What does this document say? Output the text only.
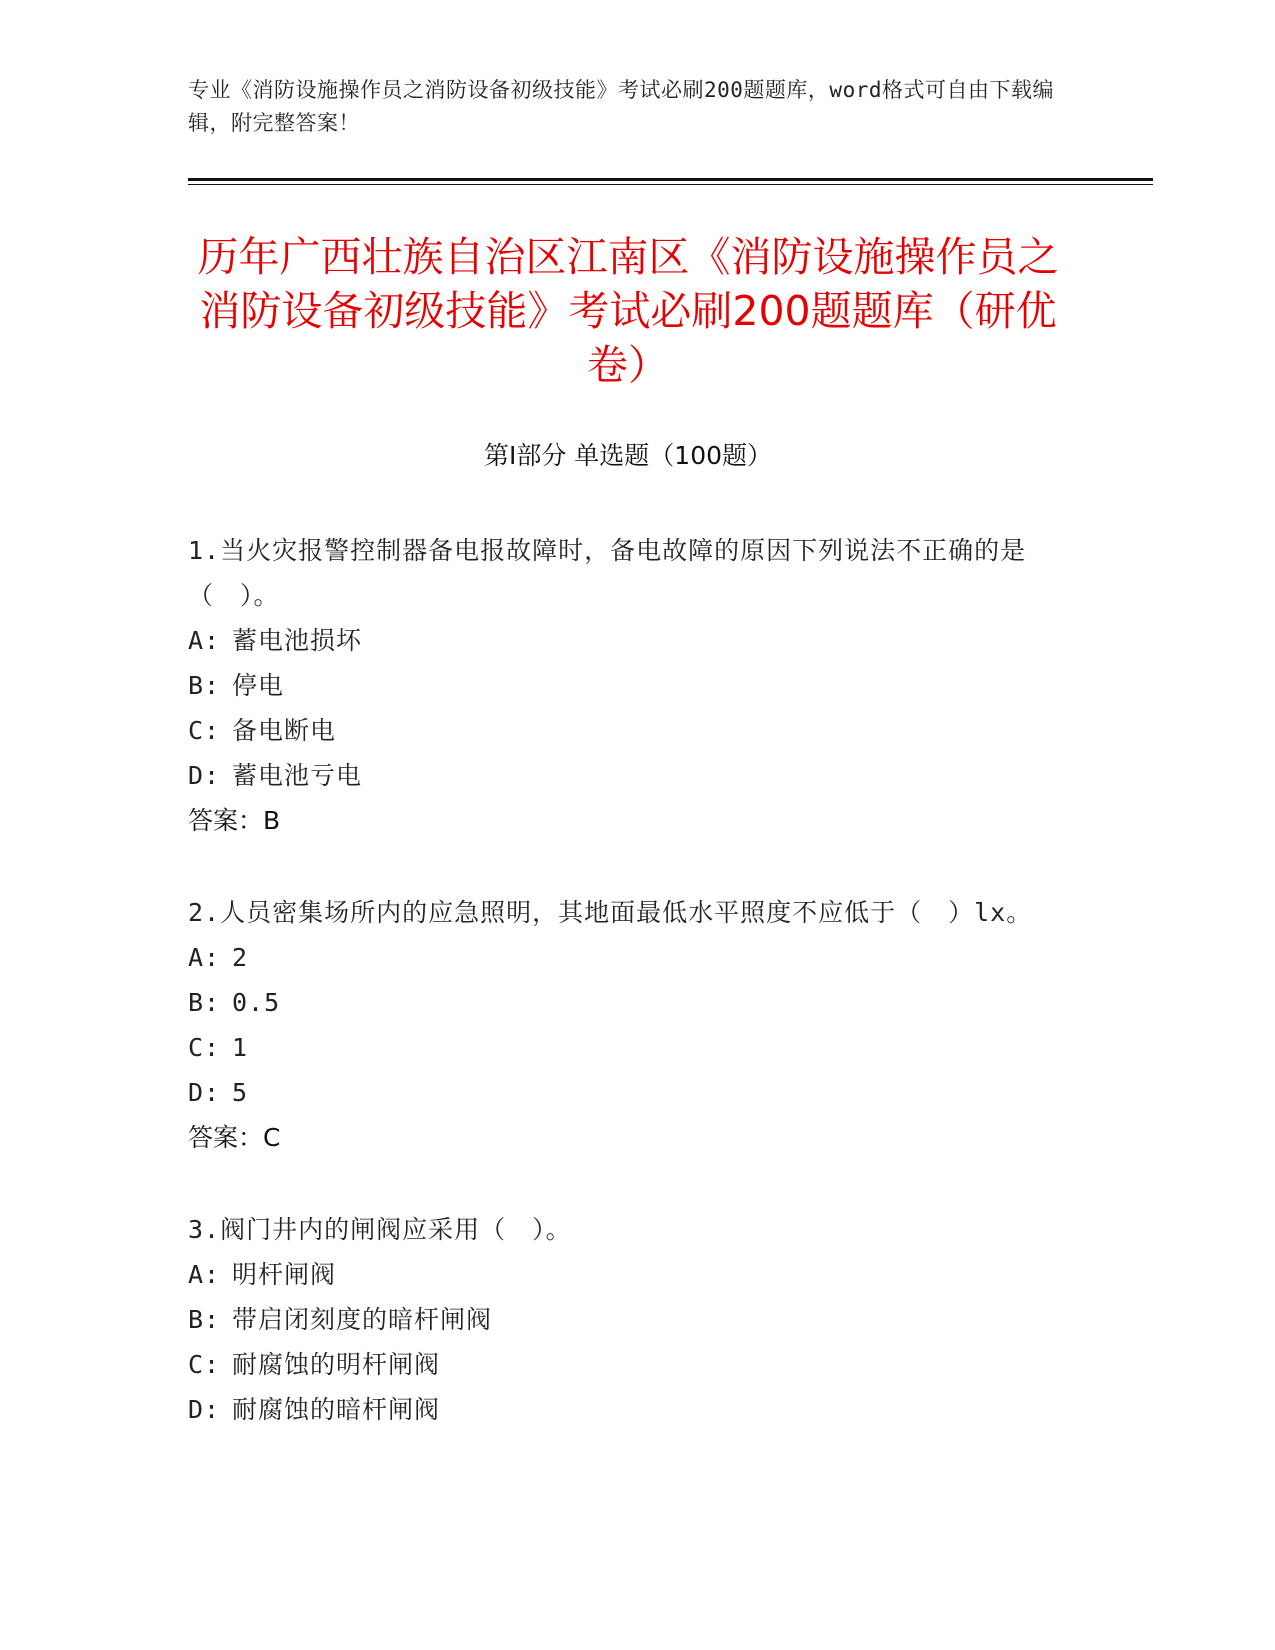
专业《消防设施操作员之消防设备初级技能》考试必刷200题题库，word格式可自由下载编辑，附完整答案！
历年广西壮族自治区江南区《消防设施操作员之消防设备初级技能》考试必刷200题题库（研优卷）
第I部分 单选题（100题）
1.当火灾报警控制器备电报故障时，备电故障的原因下列说法不正确的是（　）。
A: 蓄电池损坏
B: 停电
C: 备电断电
D: 蓄电池亏电
答案：B
2.人员密集场所内的应急照明，其地面最低水平照度不应低于（　）lx。
A: 2
B: 0.5
C: 1
D: 5
答案：C
3.阀门井内的闸阀应采用（　）。
A: 明杆闸阀
B: 带启闭刻度的暗杆闸阀
C: 耐腐蚀的明杆闸阀
D: 耐腐蚀的暗杆闸阀
